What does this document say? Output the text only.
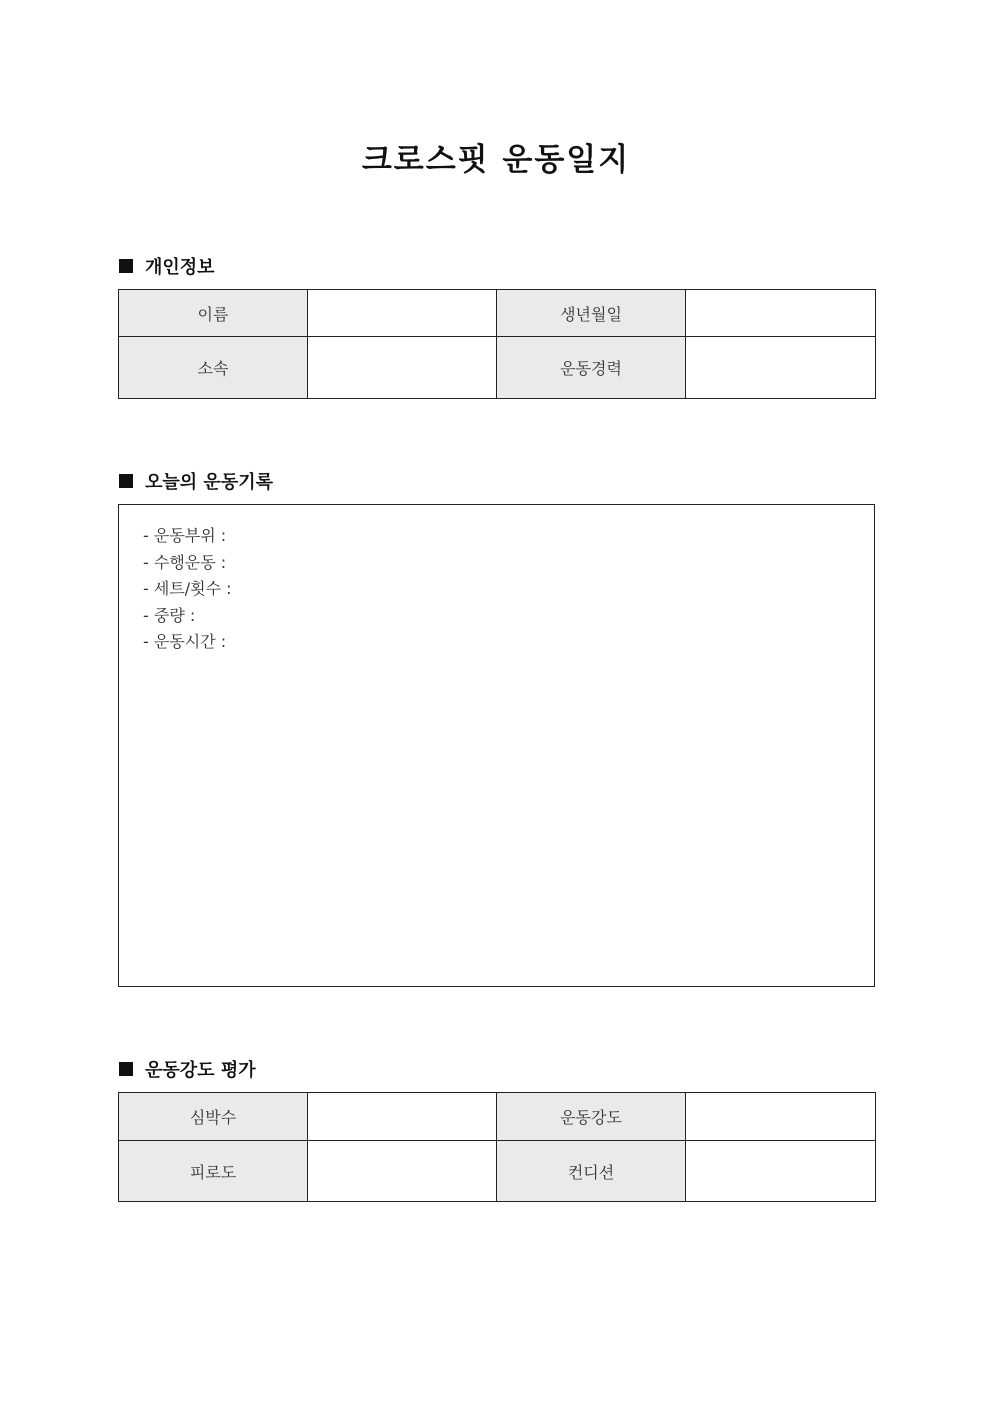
크로스핏 운동일지
개인정보
이름		생년월일	
소속		운동경력	
오늘의 운동기록
- 운동부위 :
- 수행운동 :
- 세트/횟수 :
- 중량 :
- 운동시간 :
운동강도 평가
심박수		운동강도	
피로도		컨디션	
